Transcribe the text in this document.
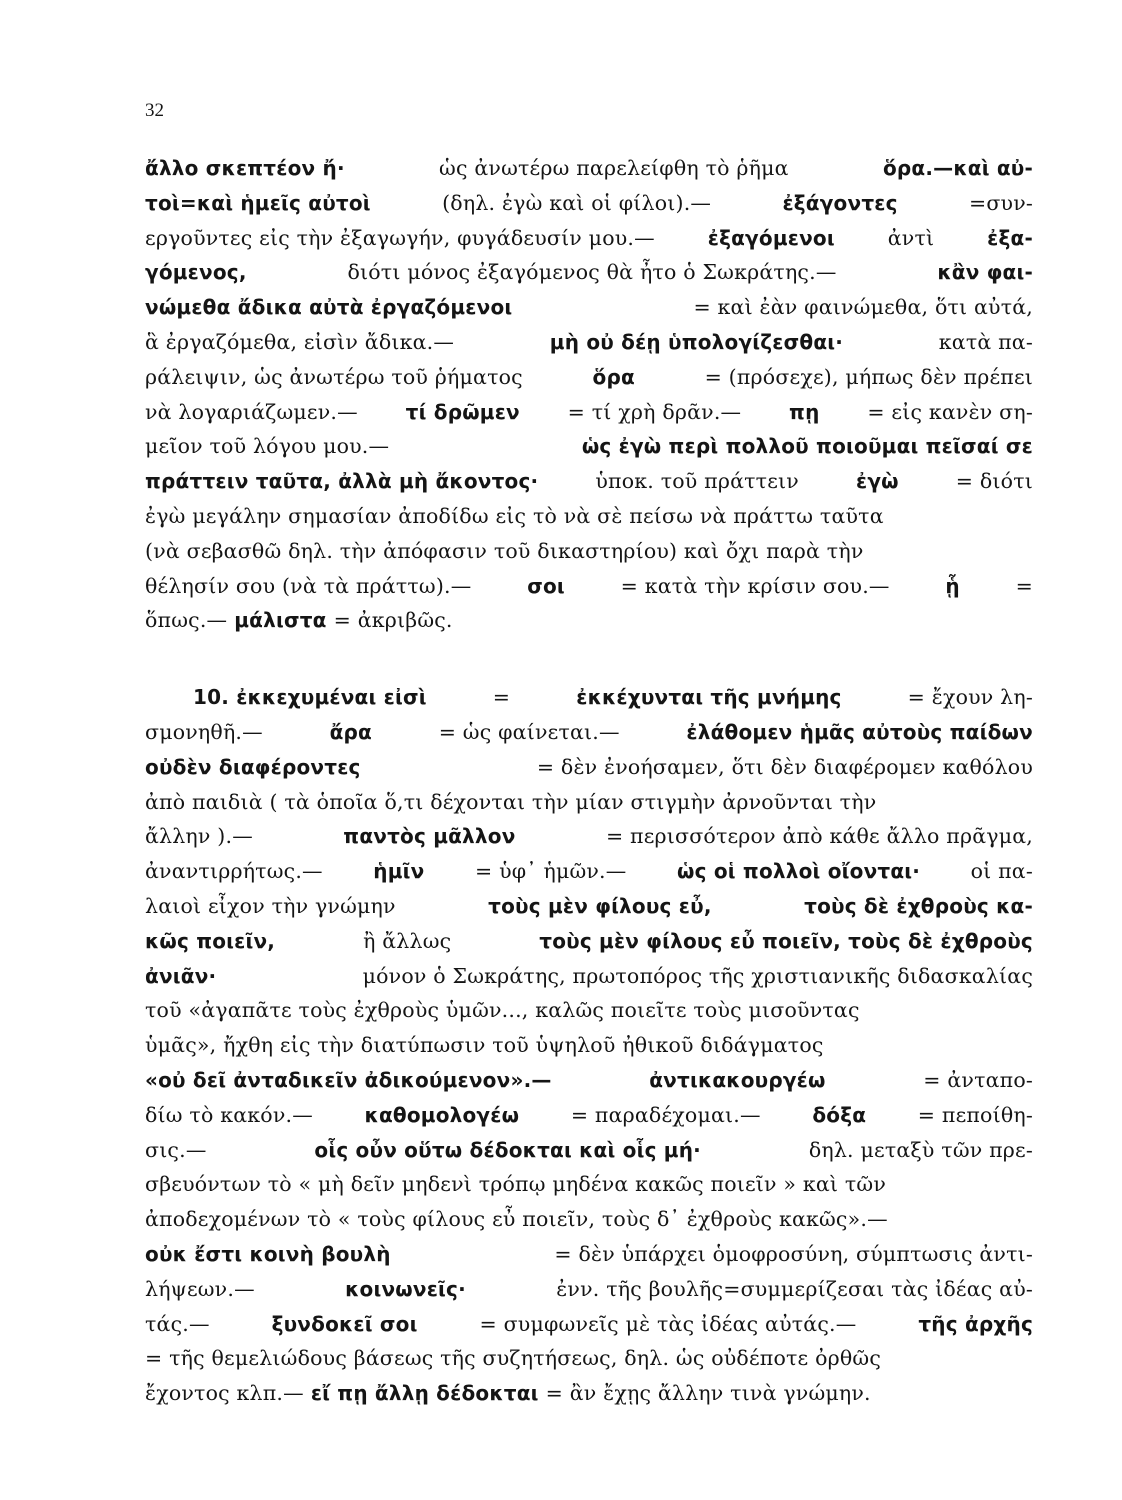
32
ἄλλο σκεπτέον ἤ·	ὡς ἀνωτέρω παρελείφθη τὸ ῥῆμα	ὅρα.—καὶ αὐ-
τοὶ=καὶ ἡμεῖς αὐτοὶ	(δηλ. ἐγὼ καὶ οἱ φίλοι).—	ἐξάγοντες	=συν-
εργοῦντες εἰς τὴν ἐξαγωγήν, φυγάδευσίν μου.—	ἐξαγόμενοι	ἀντὶ	ἐξα-
γόμενος,	διότι μόνος ἐξαγόμενος θὰ ἦτο ὁ Σωκράτης.—	κἂν φαι-
νώμεθα ἄδικα αὐτὰ ἐργαζόμενοι	= καὶ ἐὰν φαινώμεθα, ὅτι αὐτά,
ἃ ἐργαζόμεθα, εἰσὶν ἄδικα.—	μὴ οὐ δέῃ ὑπολογίζεσθαι·	κατὰ πα-
ράλειψιν, ὡς ἀνωτέρω τοῦ ῥήματος	ὅρα	= (πρόσεχε), μήπως δὲν πρέπει
νὰ λογαριάζωμεν.— τί δρῶμεν = τί χρὴ δρᾶν.— πῃ = εἰς κανὲν ση-
μεῖον τοῦ λόγου μου.—	ὡς ἐγὼ περὶ πολλοῦ ποιοῦμαι πεῖσαί σε
πράττειν ταῦτα, ἀλλὰ μὴ ἄκοντος·	ὑποκ. τοῦ πράττειν	ἐγὼ	= διότι
ἐγὼ μεγάλην σημασίαν ἀποδίδω εἰς τὸ νὰ σὲ πείσω νὰ πράττω ταῦτα
(νὰ σεβασθῶ δηλ. τὴν ἀπόφασιν τοῦ δικαστηρίου) καὶ ὄχι παρὰ τὴν
θέλησίν σου (νὰ τὰ πράττω).—	σοι	= κατὰ τὴν κρίσιν σου.—	ᾗ	=
ὅπως.— μάλιστα = ἀκριβῶς.
10. ἐκκεχυμέναι εἰσὶ	=	ἐκκέχυνται τῆς μνήμης	= ἔχουν λη-
σμονηθῆ.—	ἄρα	= ὡς φαίνεται.—	ἐλάθομεν ἡμᾶς αὐτοὺς παίδων
οὐδὲν διαφέροντες	= δὲν ἐνοήσαμεν, ὅτι δὲν διαφέρομεν καθόλου
ἀπὸ παιδιὰ ( τὰ ὁποῖα ὅ,τι δέχονται τὴν μίαν στιγμὴν ἀρνοῦνται τὴν
ἄλλην ).—	παντὸς μᾶλλον	= περισσότερον ἀπὸ κάθε ἄλλο πρᾶγμα,
ἀναντιρρήτως.—	ἡμῖν = ὑφ᾽ ἡμῶν.—	ὡς οἱ πολλοὶ οἴονται· οἱ πα-
λαιοὶ εἶχον τὴν γνώμην	τοὺς μὲν φίλους εὖ,	τοὺς δὲ ἐχθροὺς κα-
κῶς ποιεῖν,	ἢ ἄλλως	τοὺς μὲν φίλους εὖ ποιεῖν, τοὺς δὲ ἐχθροὺς
ἀνιᾶν·	μόνον ὁ Σωκράτης, πρωτοπόρος τῆς χριστιανικῆς διδασκαλίας
τοῦ «ἀγαπᾶτε τοὺς ἐχθροὺς ὑμῶν..., καλῶς ποιεῖτε τοὺς μισοῦντας
ὑμᾶς», ἤχθη εἰς τὴν διατύπωσιν τοῦ ὑψηλοῦ ἠθικοῦ διδάγματος
«οὐ δεῖ ἀνταδικεῖν ἀδικούμενον».—	ἀντικακουργέω	= ἀνταπο-
δίω τὸ κακόν.—	καθομολογέω	= παραδέχομαι.—	δόξα	= πεποίθη-
σις.—	οἷς οὖν οὕτω δέδοκται καὶ οἷς μή·	δηλ. μεταξὺ τῶν πρε-
σβευόντων τὸ « μὴ δεῖν μηδενὶ τρόπῳ μηδένα κακῶς ποιεῖν » καὶ τῶν
ἀποδεχομένων τὸ « τοὺς φίλους εὖ ποιεῖν, τοὺς δ᾽ ἐχθροὺς κακῶς».—
οὐκ ἔστι κοινὴ βουλὴ	= δὲν ὑπάρχει ὁμοφροσύνη, σύμπτωσις ἀντι-
λήψεων.—	κοινωνεῖς·	ἐνν. τῆς βουλῆς=συμμερίζεσαι τὰς ἰδέας αὐ-
τάς.—	ξυνδοκεῖ σοι	= συμφωνεῖς μὲ τὰς ἰδέας αὐτάς.—	τῆς ἀρχῆς
= τῆς θεμελιώδους βάσεως τῆς συζητήσεως, δηλ. ὡς οὐδέποτε ὀρθῶς
ἔχοντος κλπ.— εἴ πῃ ἄλλῃ δέδοκται = ἂν ἔχῃς ἄλλην τινὰ γνώμην.
